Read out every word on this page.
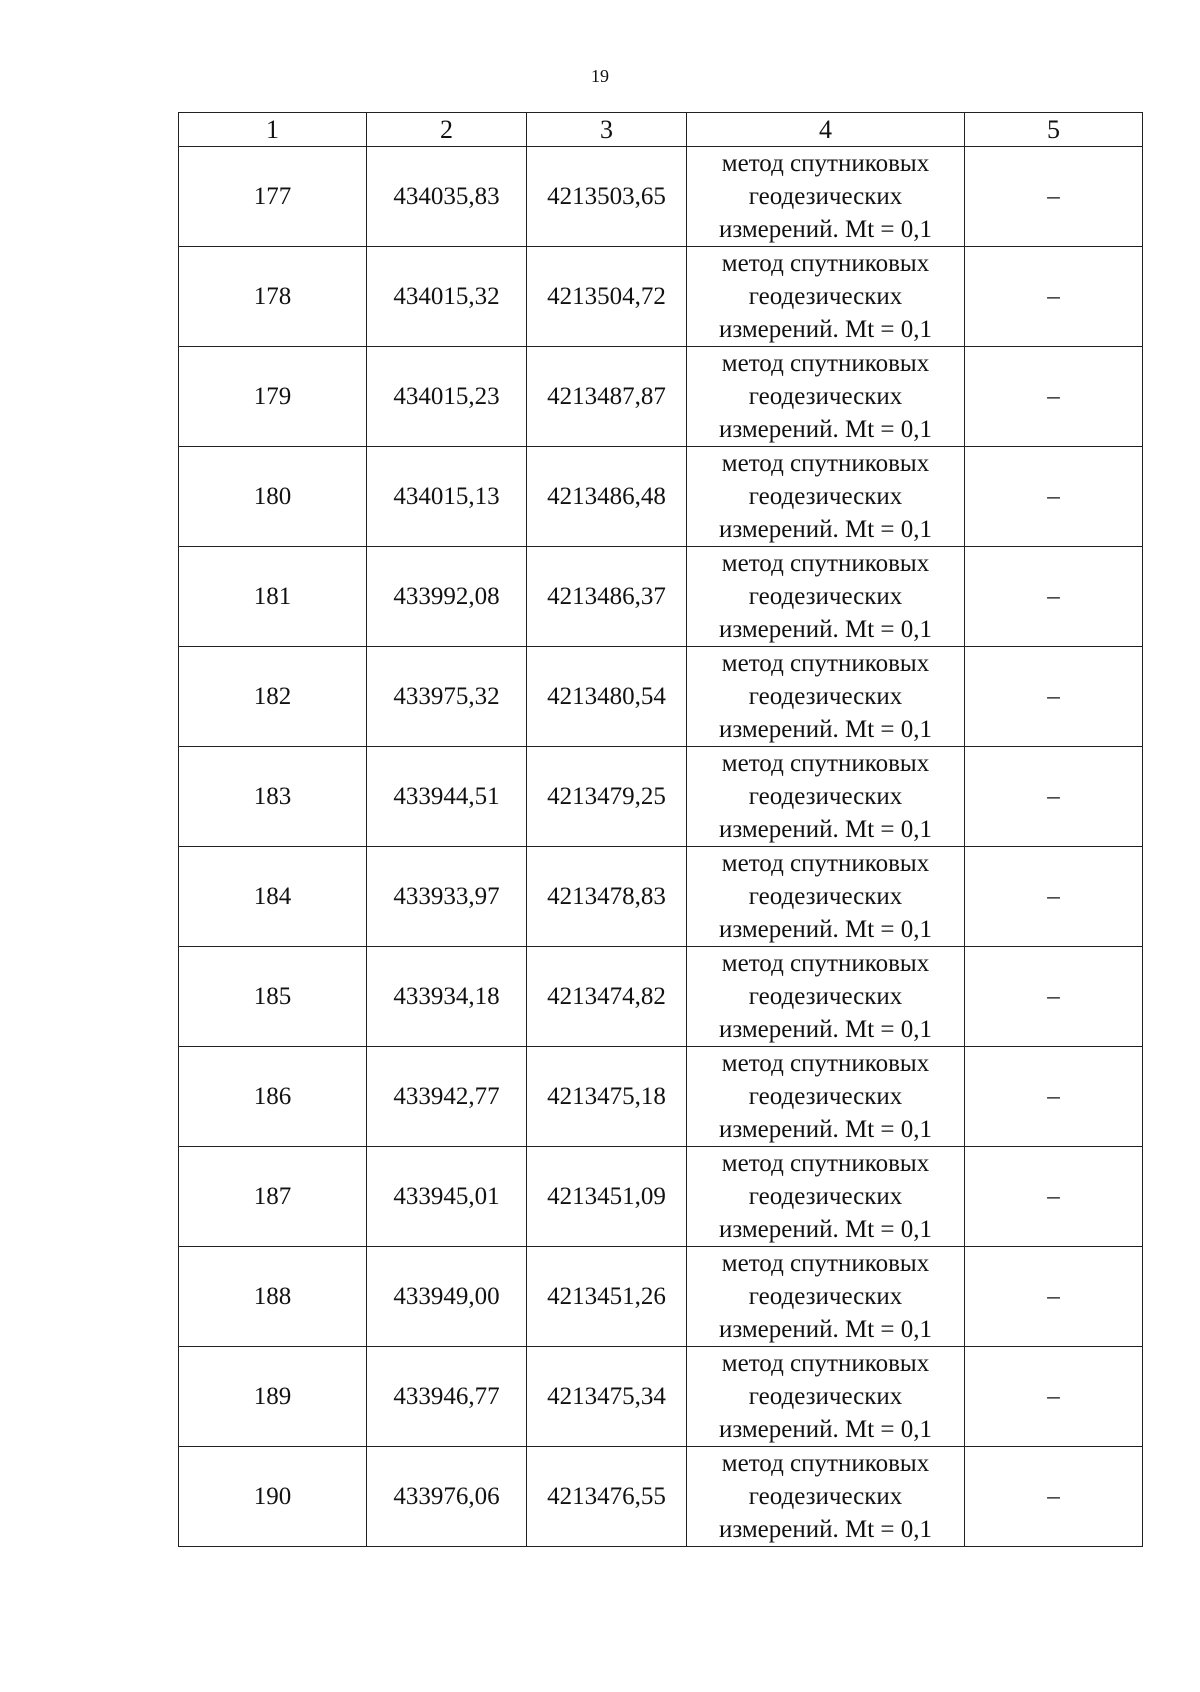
19
1	2	3	4	5
177	434035,83	4213503,65	метод спутниковых
геодезических
измерений. Mt = 0,1	–
178	434015,32	4213504,72	метод спутниковых
геодезических
измерений. Mt = 0,1	–
179	434015,23	4213487,87	метод спутниковых
геодезических
измерений. Mt = 0,1	–
180	434015,13	4213486,48	метод спутниковых
геодезических
измерений. Mt = 0,1	–
181	433992,08	4213486,37	метод спутниковых
геодезических
измерений. Mt = 0,1	–
182	433975,32	4213480,54	метод спутниковых
геодезических
измерений. Mt = 0,1	–
183	433944,51	4213479,25	метод спутниковых
геодезических
измерений. Mt = 0,1	–
184	433933,97	4213478,83	метод спутниковых
геодезических
измерений. Mt = 0,1	–
185	433934,18	4213474,82	метод спутниковых
геодезических
измерений. Mt = 0,1	–
186	433942,77	4213475,18	метод спутниковых
геодезических
измерений. Mt = 0,1	–
187	433945,01	4213451,09	метод спутниковых
геодезических
измерений. Mt = 0,1	–
188	433949,00	4213451,26	метод спутниковых
геодезических
измерений. Mt = 0,1	–
189	433946,77	4213475,34	метод спутниковых
геодезических
измерений. Mt = 0,1	–
190	433976,06	4213476,55	метод спутниковых
геодезических
измерений. Mt = 0,1	–
